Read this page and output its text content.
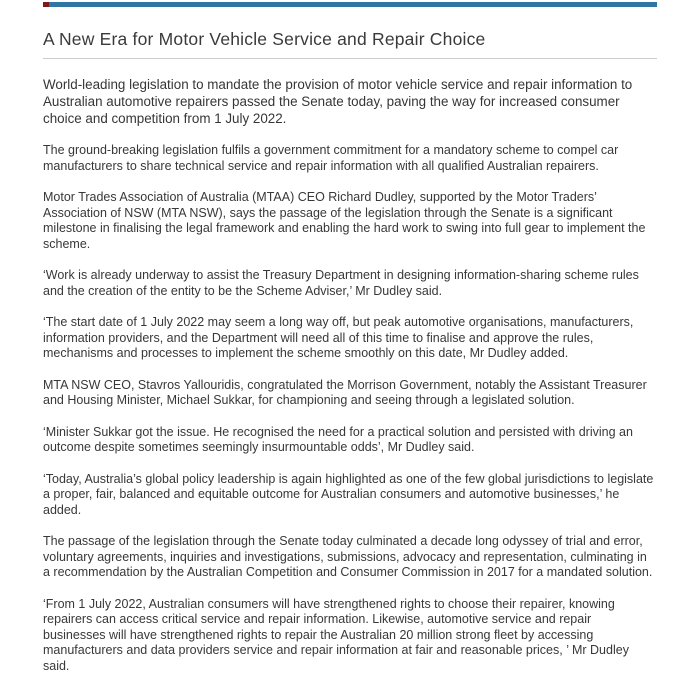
A New Era for Motor Vehicle Service and Repair Choice

World-leading legislation to mandate the provision of motor vehicle service and repair information to Australian automotive repairers passed the Senate today, paving the way for increased consumer choice and competition from 1 July 2022.

The ground-breaking legislation fulfils a government commitment for a mandatory scheme to compel car manufacturers to share technical service and repair information with all qualified Australian repairers.

Motor Trades Association of Australia (MTAA) CEO Richard Dudley, supported by the Motor Traders’ Association of NSW (MTA NSW), says the passage of the legislation through the Senate is a significant milestone in finalising the legal framework and enabling the hard work to swing into full gear to implement the scheme.

‘Work is already underway to assist the Treasury Department in designing information-sharing scheme rules and the creation of the entity to be the Scheme Adviser,’ Mr Dudley said.

‘The start date of 1 July 2022 may seem a long way off, but peak automotive organisations, manufacturers, information providers, and the Department will need all of this time to finalise and approve the rules, mechanisms and processes to implement the scheme smoothly on this date, Mr Dudley added.

MTA NSW CEO, Stavros Yallouridis, congratulated the Morrison Government, notably the Assistant Treasurer and Housing Minister, Michael Sukkar, for championing and seeing through a legislated solution.

‘Minister Sukkar got the issue. He recognised the need for a practical solution and persisted with driving an outcome despite sometimes seemingly insurmountable odds’, Mr Dudley said.

‘Today, Australia’s global policy leadership is again highlighted as one of the few global jurisdictions to legislate a proper, fair, balanced and equitable outcome for Australian consumers and automotive businesses,’ he added.

The passage of the legislation through the Senate today culminated a decade long odyssey of trial and error, voluntary agreements, inquiries and investigations, submissions, advocacy and representation, culminating in a recommendation by the Australian Competition and Consumer Commission in 2017 for a mandated solution.

‘From 1 July 2022, Australian consumers will have strengthened rights to choose their repairer, knowing repairers can access critical service and repair information. Likewise, automotive service and repair businesses will have strengthened rights to repair the Australian 20 million strong fleet by accessing manufacturers and data providers service and repair information at fair and reasonable prices, ’ Mr Dudley said.
